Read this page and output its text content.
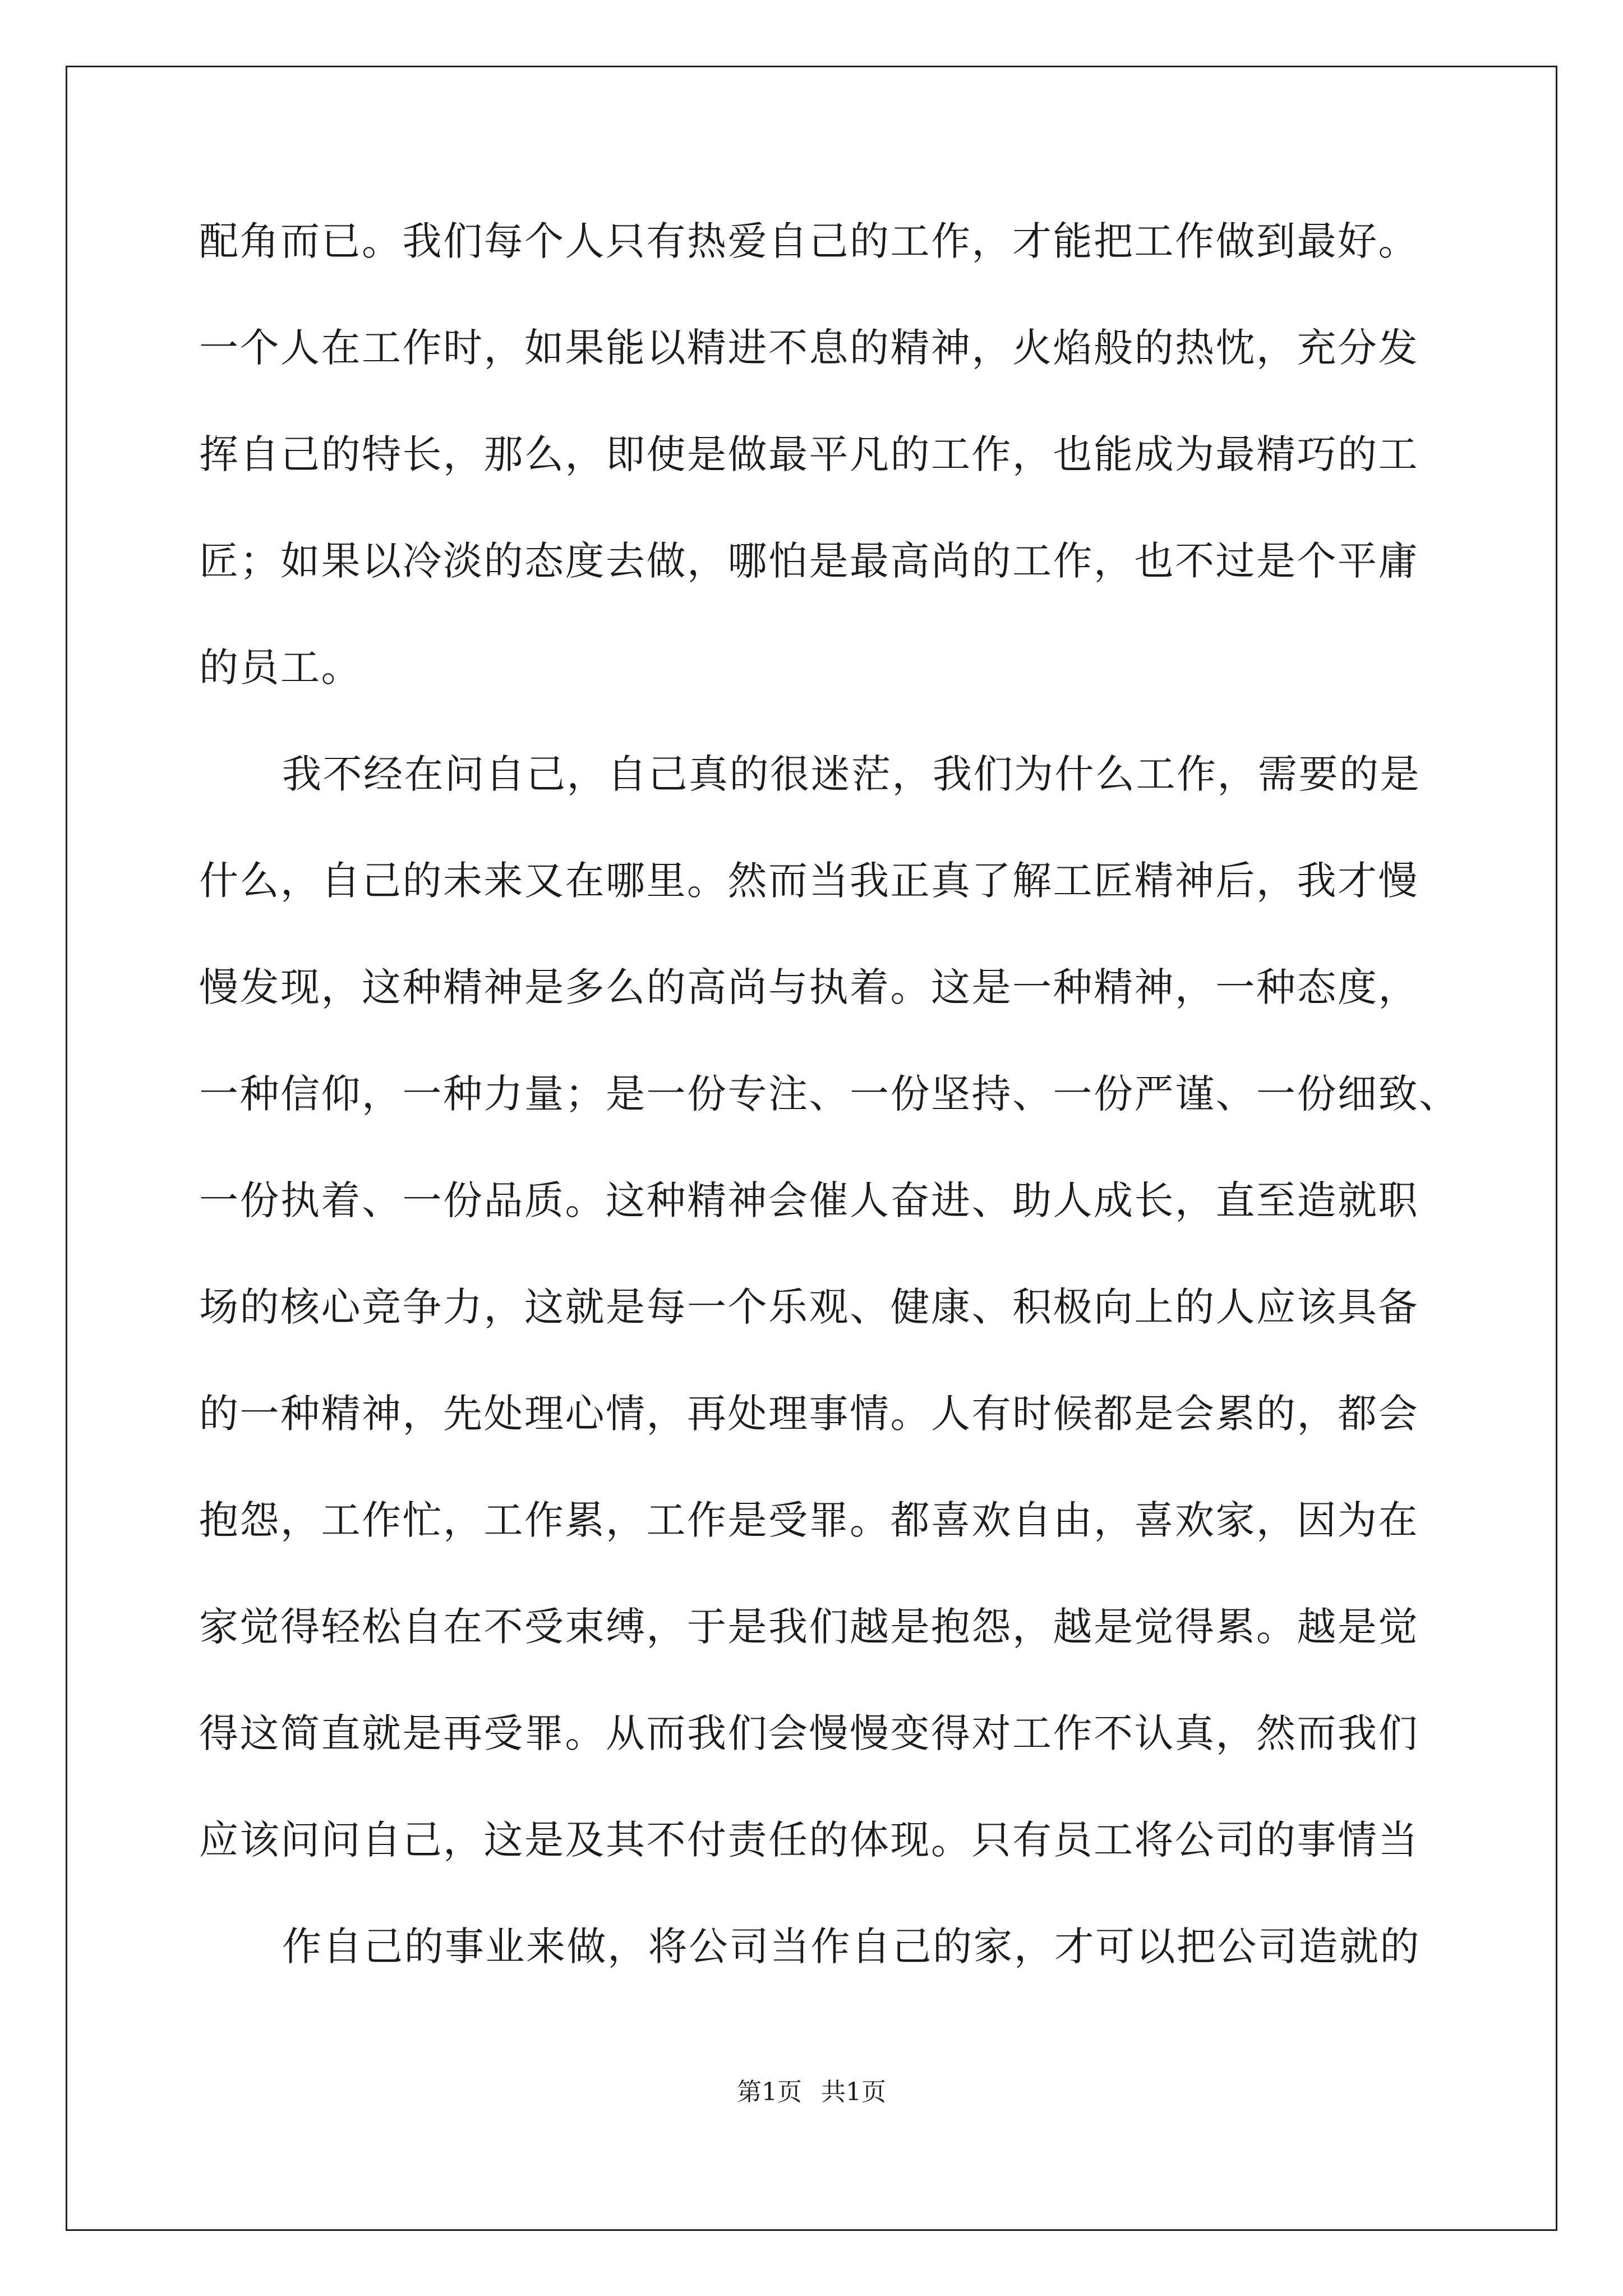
配角而已。我们每个人只有热爱自己的工作，才能把工作做到最好。
一个人在工作时，如果能以精进不息的精神，火焰般的热忱，充分发
挥自己的特长，那么，即使是做最平凡的工作，也能成为最精巧的工
匠；如果以冷淡的态度去做，哪怕是最高尚的工作，也不过是个平庸
的员工。
我不经在问自己，自己真的很迷茫，我们为什么工作，需要的是
什么，自己的未来又在哪里。然而当我正真了解工匠精神后，我才慢
慢发现，这种精神是多么的高尚与执着。这是一种精神，一种态度，
一种信仰，一种力量；是一份专注、一份坚持、一份严谨、一份细致、
一份执着、一份品质。这种精神会催人奋进、助人成长，直至造就职
场的核心竞争力，这就是每一个乐观、健康、积极向上的人应该具备
的一种精神，先处理心情，再处理事情。人有时候都是会累的，都会
抱怨，工作忙，工作累，工作是受罪。都喜欢自由，喜欢家，因为在
家觉得轻松自在不受束缚，于是我们越是抱怨，越是觉得累。越是觉
得这简直就是再受罪。从而我们会慢慢变得对工作不认真，然而我们
应该问问自己，这是及其不付责任的体现。只有员工将公司的事情当
作自己的事业来做，将公司当作自己的家，才可以把公司造就的
第1页 共1页
